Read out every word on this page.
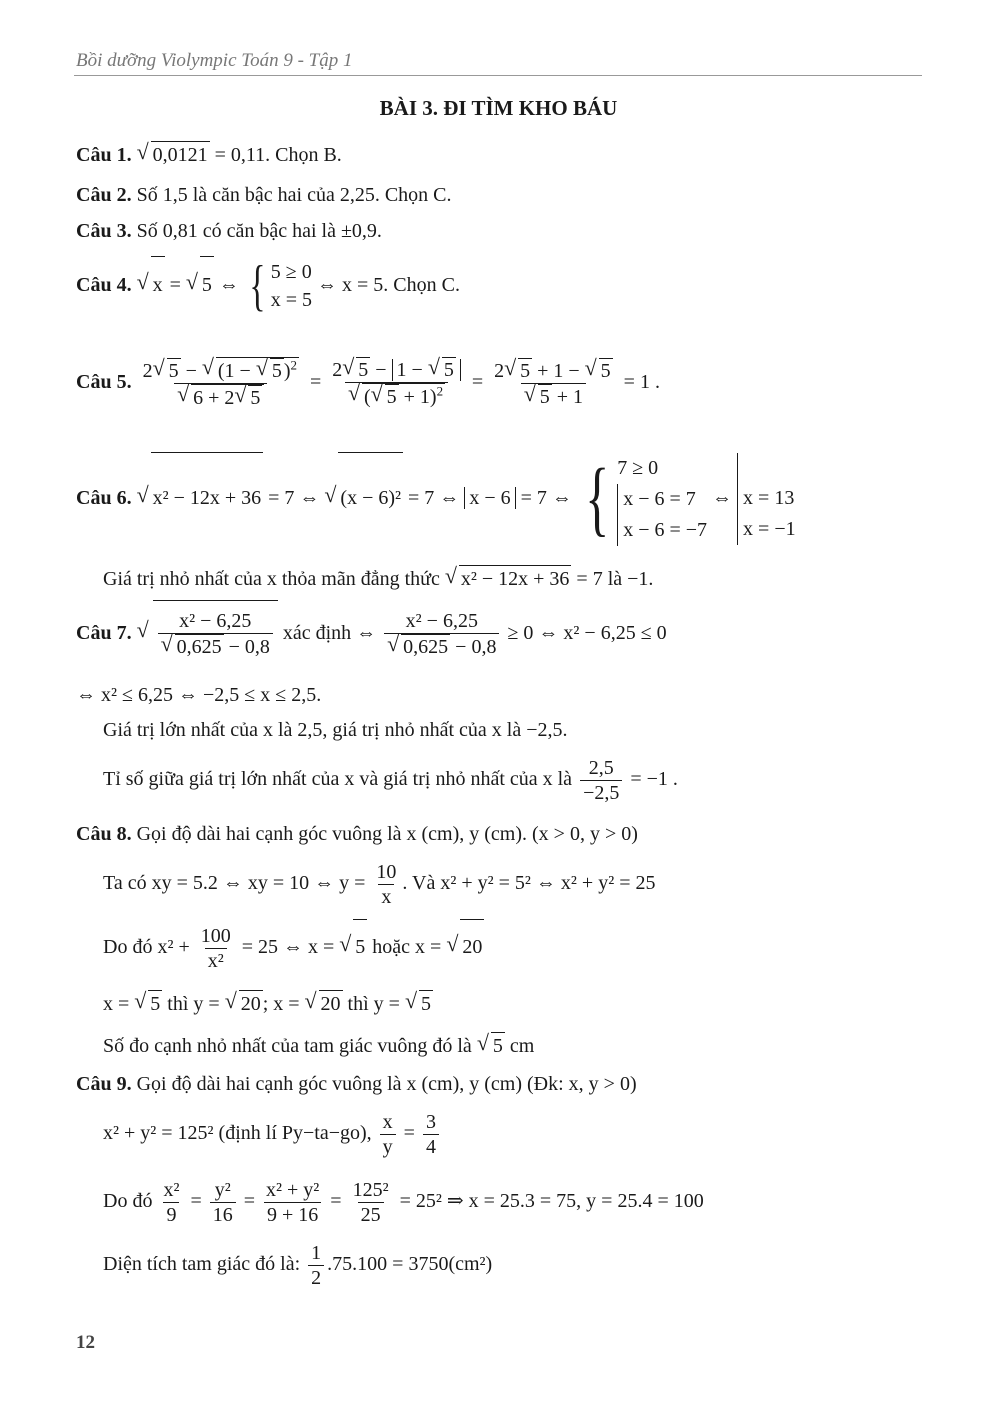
Bồi dưỡng Violympic Toán 9 - Tập 1
BÀI 3. ĐI TÌM KHO BÁU
Câu 1. √ 0,0121 = 0,11. Chọn B.
Câu 2. Số 1,5 là căn bậc hai của 2,25. Chọn C.
Câu 3. Số 0,81 có căn bậc hai là ±0,9.
Câu 4. √ x = √ 5 ⇔ { 5 ≥ 0
x = 5
⇔ x = 5. Chọn C.
Câu 5. 2 √ 5 − √ (1 − √ 5 )$^2$
√ 6 + 2 √ 5 = 2 √ 5 − 1 − √ 5
√ ( √ 5 + 1)$^2$ = 2 √ 5 + 1 − √ 5
√ 5 + 1 = 1 .
Câu 6. √ x² − 12x + 36 = 7 ⇔ √ (x − 6)² = 7 ⇔ x − 6 = 7 ⇔ { 7 ≥ 0
x − 6 = 7
x − 6 = −7
⇔ x = 13
x = −1
Giá trị nhỏ nhất của x thỏa mãn đẳng thức √ x² − 12x + 36 = 7 là −1.
Câu 7. √ x² − 6,25
√ 0,625 − 0,8 xác định ⇔ x² − 6,25
√ 0,625 − 0,8 ≥ 0 ⇔ x² − 6,25 ≤ 0
⇔ x² ≤ 6,25 ⇔ −2,5 ≤ x ≤ 2,5.
Giá trị lớn nhất của x là 2,5, giá trị nhỏ nhất của x là −2,5.
Tỉ số giữa giá trị lớn nhất của x và giá trị nhỏ nhất của x là $\frac{2,5}{-2,5} = -1$ .
Câu 8. Gọi độ dài hai cạnh góc vuông là x (cm), y (cm). (x > 0, y > 0)
Ta có xy = 5.2 ⇔ xy = 10 ⇔ $y = \frac{10}{x}$ . Và x² + y² = 5² ⇔ x² + y² = 25
Do đó $x^2 + \frac{100}{\text{x²}} = 25$ ⇔ x = √ 5 hoặc x = √ 20
x = √ 5 thì y = √ 20 ; x = √ 20 thì y = √ 5
Số đo cạnh nhỏ nhất của tam giác vuông đó là √ 5 cm
Câu 9. Gọi độ dài hai cạnh góc vuông là x (cm), y (cm) (Đk: x, y > 0)
x² + y² = 125² (định lí Py−ta−go), $\frac{x}{y} = \frac{3}{4}$
Do đó $\frac{\text{x²}}{9} = \frac{\text{y²}}{16} = \frac{\text{x² + y²}}{9 + 16} = \frac{\text{125²}}{25} = 25^2$ ⇒ x = 25.3 = 75, y = 25.4 = 100
Diện tích tam giác đó là: $\frac{1}{2} .75.100 = 3750(cm^2)$
12
